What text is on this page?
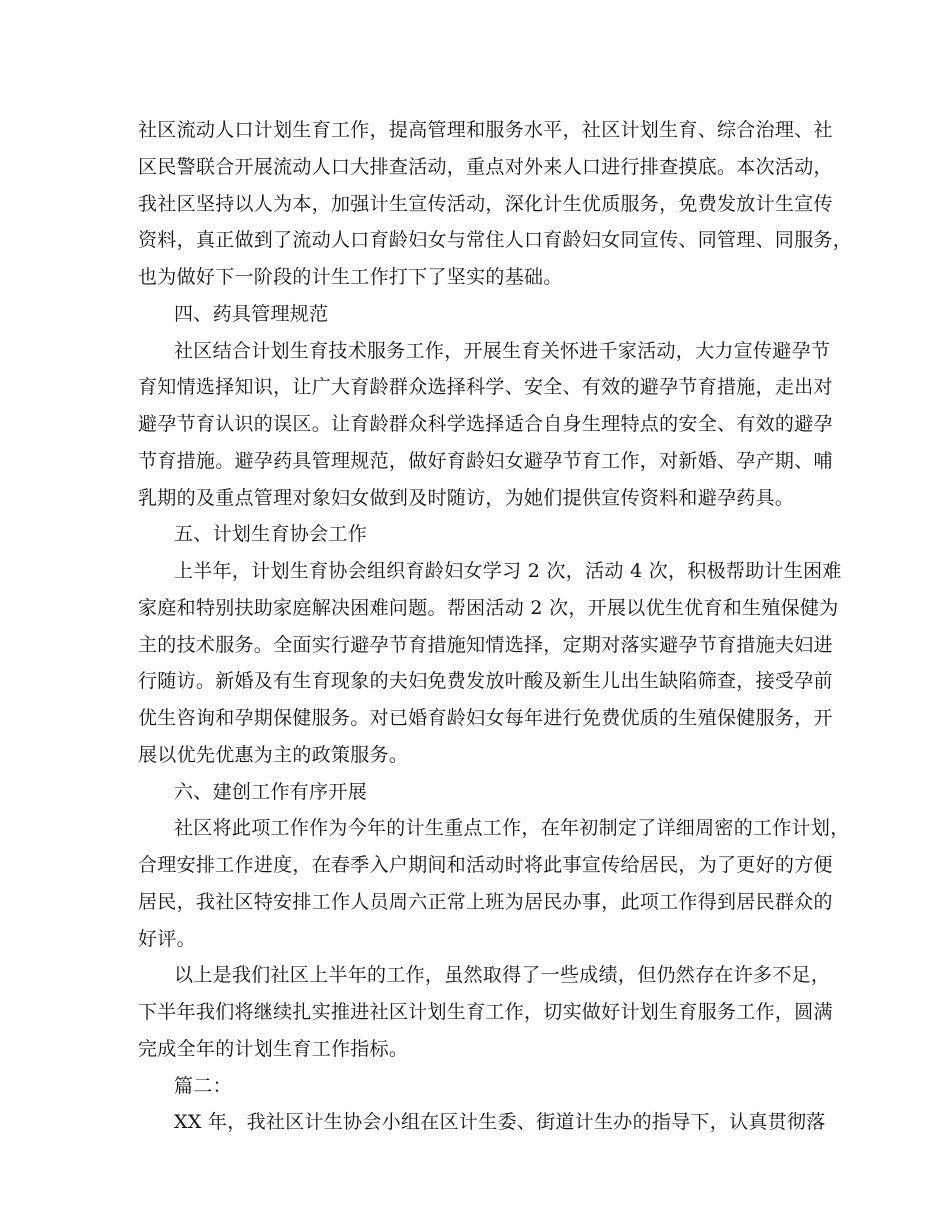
社区流动人口计划生育工作，提高管理和服务水平，社区计划生育、综合治理、社
区民警联合开展流动人口大排查活动，重点对外来人口进行排查摸底。本次活动，
我社区坚持以人为本，加强计生宣传活动，深化计生优质服务，免费发放计生宣传
资料，真正做到了流动人口育龄妇女与常住人口育龄妇女同宣传、同管理、同服务，
也为做好下一阶段的计生工作打下了坚实的基础。
四、药具管理规范
社区结合计划生育技术服务工作，开展生育关怀进千家活动，大力宣传避孕节
育知情选择知识，让广大育龄群众选择科学、安全、有效的避孕节育措施，走出对
避孕节育认识的误区。让育龄群众科学选择适合自身生理特点的安全、有效的避孕
节育措施。避孕药具管理规范，做好育龄妇女避孕节育工作，对新婚、孕产期、哺
乳期的及重点管理对象妇女做到及时随访，为她们提供宣传资料和避孕药具。
五、计划生育协会工作
上半年，计划生育协会组织育龄妇女学习 2 次，活动 4 次，积极帮助计生困难
家庭和特别扶助家庭解决困难问题。帮困活动 2 次，开展以优生优育和生殖保健为
主的技术服务。全面实行避孕节育措施知情选择，定期对落实避孕节育措施夫妇进
行随访。新婚及有生育现象的夫妇免费发放叶酸及新生儿出生缺陷筛查，接受孕前
优生咨询和孕期保健服务。对已婚育龄妇女每年进行免费优质的生殖保健服务，开
展以优先优惠为主的政策服务。
六、建创工作有序开展
社区将此项工作作为今年的计生重点工作，在年初制定了详细周密的工作计划，
合理安排工作进度，在春季入户期间和活动时将此事宣传给居民，为了更好的方便
居民，我社区特安排工作人员周六正常上班为居民办事，此项工作得到居民群众的
好评。
以上是我们社区上半年的工作，虽然取得了一些成绩，但仍然存在许多不足，
下半年我们将继续扎实推进社区计划生育工作，切实做好计划生育服务工作，圆满
完成全年的计划生育工作指标。
篇二：
XX 年，我社区计生协会小组在区计生委、街道计生办的指导下，认真贯彻落
